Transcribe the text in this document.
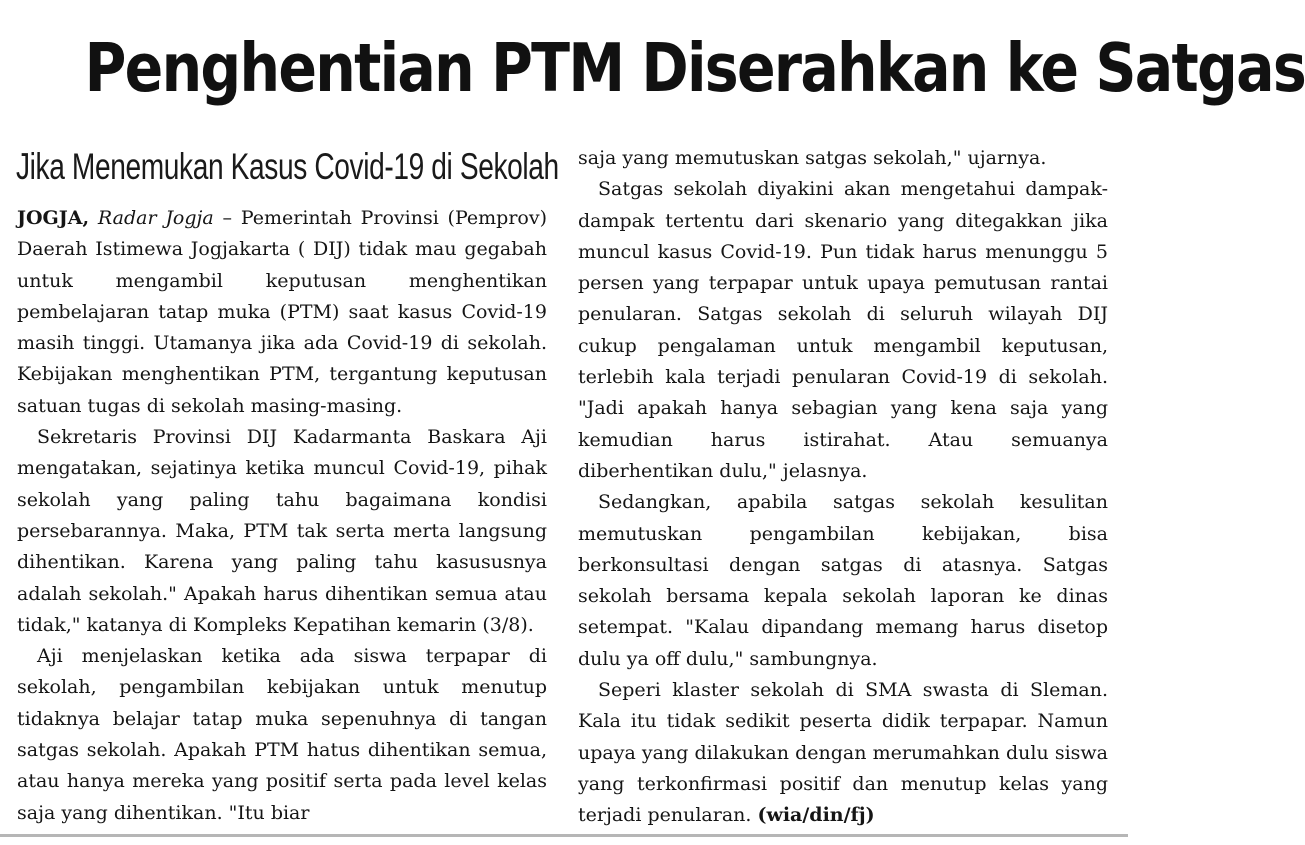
Penghentian PTM Diserahkan ke Satgas
Jika Menemukan Kasus Covid-19 di Sekolah

JOGJA, Radar Jogja – Pemerintah Provinsi (Pemprov) Daerah Istimewa Jogjakarta ( DIJ) tidak mau gegabah untuk mengambil keputusan menghentikan pembelajaran tatap muka (PTM) saat kasus Covid-19 masih tinggi. Utamanya jika ada Covid-19 di sekolah. Kebijakan menghentikan PTM, tergantung keputusan satuan tugas di sekolah masing-masing.

Sekretaris Provinsi DIJ Kadarmanta Baskara Aji mengatakan, sejatinya ketika muncul Covid-19, pihak sekolah yang paling tahu bagaimana kondisi persebarannya. Maka, PTM tak serta merta langsung dihentikan. Karena yang paling tahu kasususnya adalah sekolah." Apakah harus dihentikan semua atau tidak," katanya di Kompleks Kepatihan kemarin (3/8).

Aji menjelaskan ketika ada siswa terpapar di sekolah, pengambilan kebijakan untuk menutup tidaknya belajar tatap muka sepenuhnya di tangan satgas sekolah. Apakah PTM hatus dihentikan semua, atau hanya mereka yang positif serta pada level kelas saja yang dihentikan. "Itu biar

saja yang memutuskan satgas sekolah," ujarnya.

Satgas sekolah diyakini akan mengetahui dampak-dampak tertentu dari skenario yang ditegakkan jika muncul kasus Covid-19. Pun tidak harus menunggu 5 persen yang terpapar untuk upaya pemutusan rantai penularan. Satgas sekolah di seluruh wilayah DIJ cukup pengalaman untuk mengambil keputusan, terlebih kala terjadi penularan Covid-19 di sekolah. "Jadi apakah hanya sebagian yang kena saja yang kemudian harus istirahat. Atau semuanya diberhentikan dulu," jelasnya.

Sedangkan, apabila satgas sekolah kesulitan memutuskan pengambilan kebijakan, bisa berkonsultasi dengan satgas di atasnya. Satgas sekolah bersama kepala sekolah laporan ke dinas setempat. "Kalau dipandang memang harus disetop dulu ya off dulu," sambungnya.

Seperi klaster sekolah di SMA swasta di Sleman. Kala itu tidak sedikit peserta didik terpapar. Namun upaya yang dilakukan dengan merumahkan dulu siswa yang terkonfirmasi positif dan menutup kelas yang terjadi penularan. (wia/din/fj)
